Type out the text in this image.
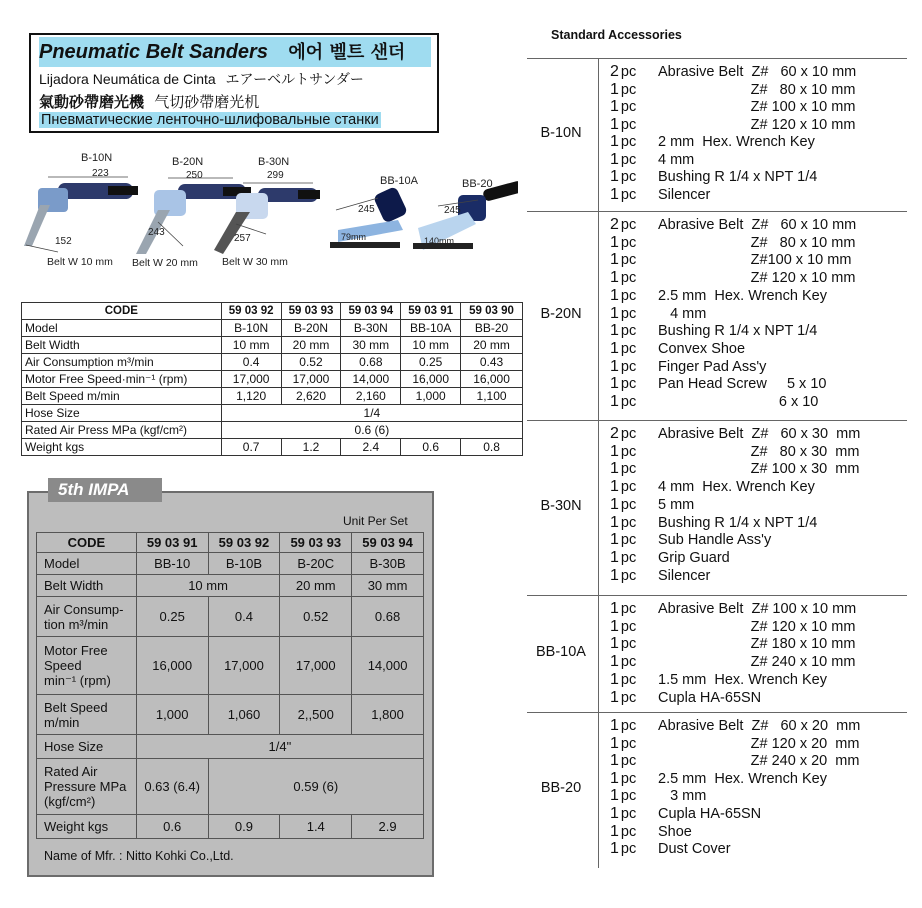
Pneumatic Belt Sanders 에어 벨트 샌더
Lijadora Neumática de Cinta エアーベルトサンダー
氣動砂帶磨光機 气切砂帶磨光机
Пневматические ленточно-шлифовальные станки
B-10N	B-20N	B-30N
BB-10A	BB-20
223	250	299
152
243
257
245	245
79mm	140mm
Belt W 10 mm Belt W 20 mm Belt W 30 mm
CODE	59 03 92	59 03 93	59 03 94	59 03 91	59 03 90
Model	B-10N	B-20N	B-30N	BB-10A	BB-20
Belt Width	10 mm	20 mm	30 mm	10 mm	20 mm
Air Consumption m³/min	0.4	0.52	0.68	0.25	0.43
Motor Free Speed·min⁻¹ (rpm)	17,000	17,000	14,000	16,000	16,000
Belt Speed m/min	1,120	2,620	2,160	1,000	1,100
Hose Size	1/4				
Rated Air Press MPa (kgf/cm²)	0.6 (6)				
Weight kgs	0.7	1.2	2.4	0.6	0.8
5th IMPA
Unit Per Set
CODE	59 03 91	59 03 92	59 03 93	59 03 94
Model	BB-10	B-10B	B-20C	B-30B
Belt Width	10 mm		20 mm	30 mm

Air Consump-
tion m³/min	0.25	0.4	0.52	0.68

Motor Free
Speed
min⁻¹ (rpm)	16,000	17,000	17,000	14,000

Belt Speed
m/min	1,000	1,060	2,,500	1,800
Hose Size	1/4"			

Rated Air
Pressure MPa
(kgf/cm²)	0.63 (6.4)	0.59 (6)		
Weight kgs	0.6	0.9	1.4	2.9
Name of Mfr. : Nitto Kohki Co.,Ltd.
Standard Accessories
B-10N
2 pc Abrasive Belt  Z#   60 x 10 mm
1 pc Z#   80 x 10 mm
1 pc Z# 100 x 10 mm
1 pc Z# 120 x 10 mm
1 pc 2 mm  Hex. Wrench Key
1 pc 4 mm
1 pc Bushing R 1/4 x NPT 1/4
1 pc Silencer
B-20N
2 pc Abrasive Belt  Z#   60 x 10 mm
1 pc Z#   80 x 10 mm
1 pc Z#100 x 10 mm
1 pc Z# 120 x 10 mm
1 pc 2.5 mm  Hex. Wrench Key
1 pc 4 mm
1 pc Bushing R 1/4 x NPT 1/4
1 pc Convex Shoe
1 pc Finger Pad Ass'y
1 pc Pan Head Screw     5 x 10
1 pc 6 x 10
B-30N
2 pc Abrasive Belt  Z#   60 x 30  mm
1 pc Z#   80 x 30  mm
1 pc Z# 100 x 30  mm
1 pc 4 mm  Hex. Wrench Key
1 pc 5 mm
1 pc Bushing R 1/4 x NPT 1/4
1 pc Sub Handle Ass'y
1 pc Grip Guard
1 pc Silencer
BB-10A
1 pc Abrasive Belt  Z# 100 x 10 mm
1 pc Z# 120 x 10 mm
1 pc Z# 180 x 10 mm
1 pc Z# 240 x 10 mm
1 pc 1.5 mm  Hex. Wrench Key
1 pc Cupla HA-65SN
BB-20
1 pc Abrasive Belt  Z#   60 x 20  mm
1 pc Z# 120 x 20  mm
1 pc Z# 240 x 20  mm
1 pc 2.5 mm  Hex. Wrench Key
1 pc 3 mm
1 pc Cupla HA-65SN
1 pc Shoe
1 pc Dust Cover
